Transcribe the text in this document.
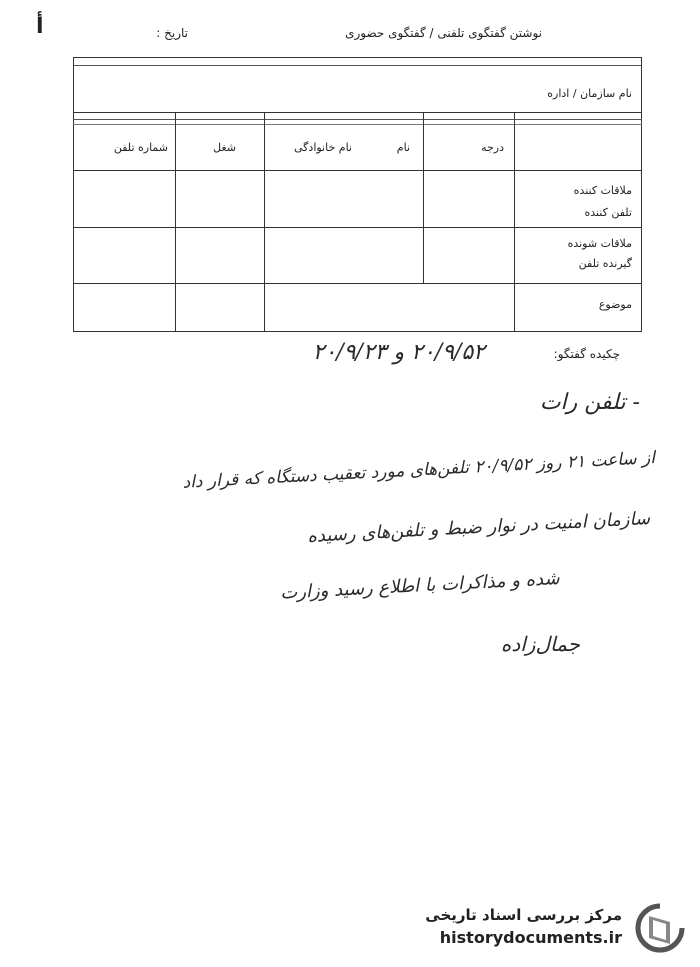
أ	نوشتن گفتگوی تلفنی / گفتگوی حضوری
تاریخ :
نام سازمان / اداره
درجه
نام
نام خانوادگی
شغل
شماره تلفن
ملاقات کننده
تلفن کننده
ملاقات شونده
گیرنده تلفن
موضوع
چکیده گفتگو:
۲۰/۹/۵۲ و ۲۰/۹/۲۳
- تلفن رات
از ساعت ۲۱ روز ۲۰/۹/۵۲ تلفن‌های مورد تعقیب دستگاه که قرار داد
سازمان امنیت در نوار ضبط و تلفن‌های رسیده
شده و مذاکرات با اطلاع رسید وزارت
جمال‌زاده
مرکز بررسی اسناد تاریخی
historydocuments.ir
